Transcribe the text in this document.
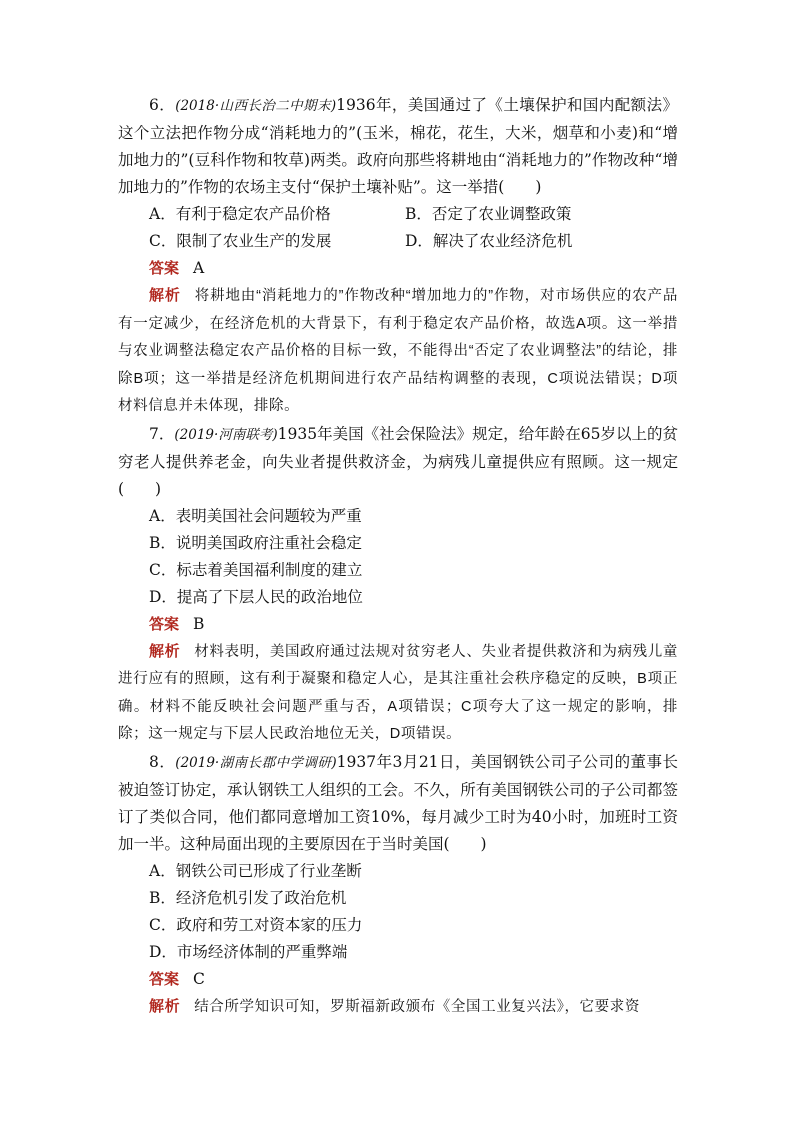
6．(2018·山西长治二中期末)1936年，美国通过了《土壤保护和国内配额法》这个立法把作物分成“消耗地力的”(玉米，棉花，花生，大米，烟草和小麦)和“增加地力的”(豆科作物和牧草)两类。政府向那些将耕地由“消耗地力的”作物改种“增加地力的”作物的农场主支付“保护土壤补贴”。这一举措(　　)

A．有利于稳定农产品价格	B．否定了农业调整政策
C．限制了农业生产的发展	D．解决了农业经济危机

答案 A

解析 将耕地由“消耗地力的”作物改种“增加地力的”作物，对市场供应的农产品有一定减少，在经济危机的大背景下，有利于稳定农产品价格，故选A项。这一举措与农业调整法稳定农产品价格的目标一致，不能得出“否定了农业调整法”的结论，排除B项；这一举措是经济危机期间进行农产品结构调整的表现，C项说法错误；D项材料信息并未体现，排除。

7．(2019·河南联考)1935年美国《社会保险法》规定，给年龄在65岁以上的贫穷老人提供养老金，向失业者提供救济金，为病残儿童提供应有照顾。这一规定(　　)

A．表明美国社会问题较为严重

B．说明美国政府注重社会稳定

C．标志着美国福利制度的建立

D．提高了下层人民的政治地位

答案 B

解析 材料表明，美国政府通过法规对贫穷老人、失业者提供救济和为病残儿童进行应有的照顾，这有利于凝聚和稳定人心，是其注重社会秩序稳定的反映，B项正确。材料不能反映社会问题严重与否，A项错误；C项夸大了这一规定的影响，排除；这一规定与下层人民政治地位无关，D项错误。

8．(2019·湖南长郡中学调研)1937年3月21日，美国钢铁公司子公司的董事长被迫签订协定，承认钢铁工人组织的工会。不久，所有美国钢铁公司的子公司都签订了类似合同，他们都同意增加工资10%，每月减少工时为40小时，加班时工资加一半。这种局面出现的主要原因在于当时美国(　　)

A．钢铁公司已形成了行业垄断

B．经济危机引发了政治危机

C．政府和劳工对资本家的压力

D．市场经济体制的严重弊端

答案 C

解析 结合所学知识可知，罗斯福新政颁布《全国工业复兴法》，它要求资
